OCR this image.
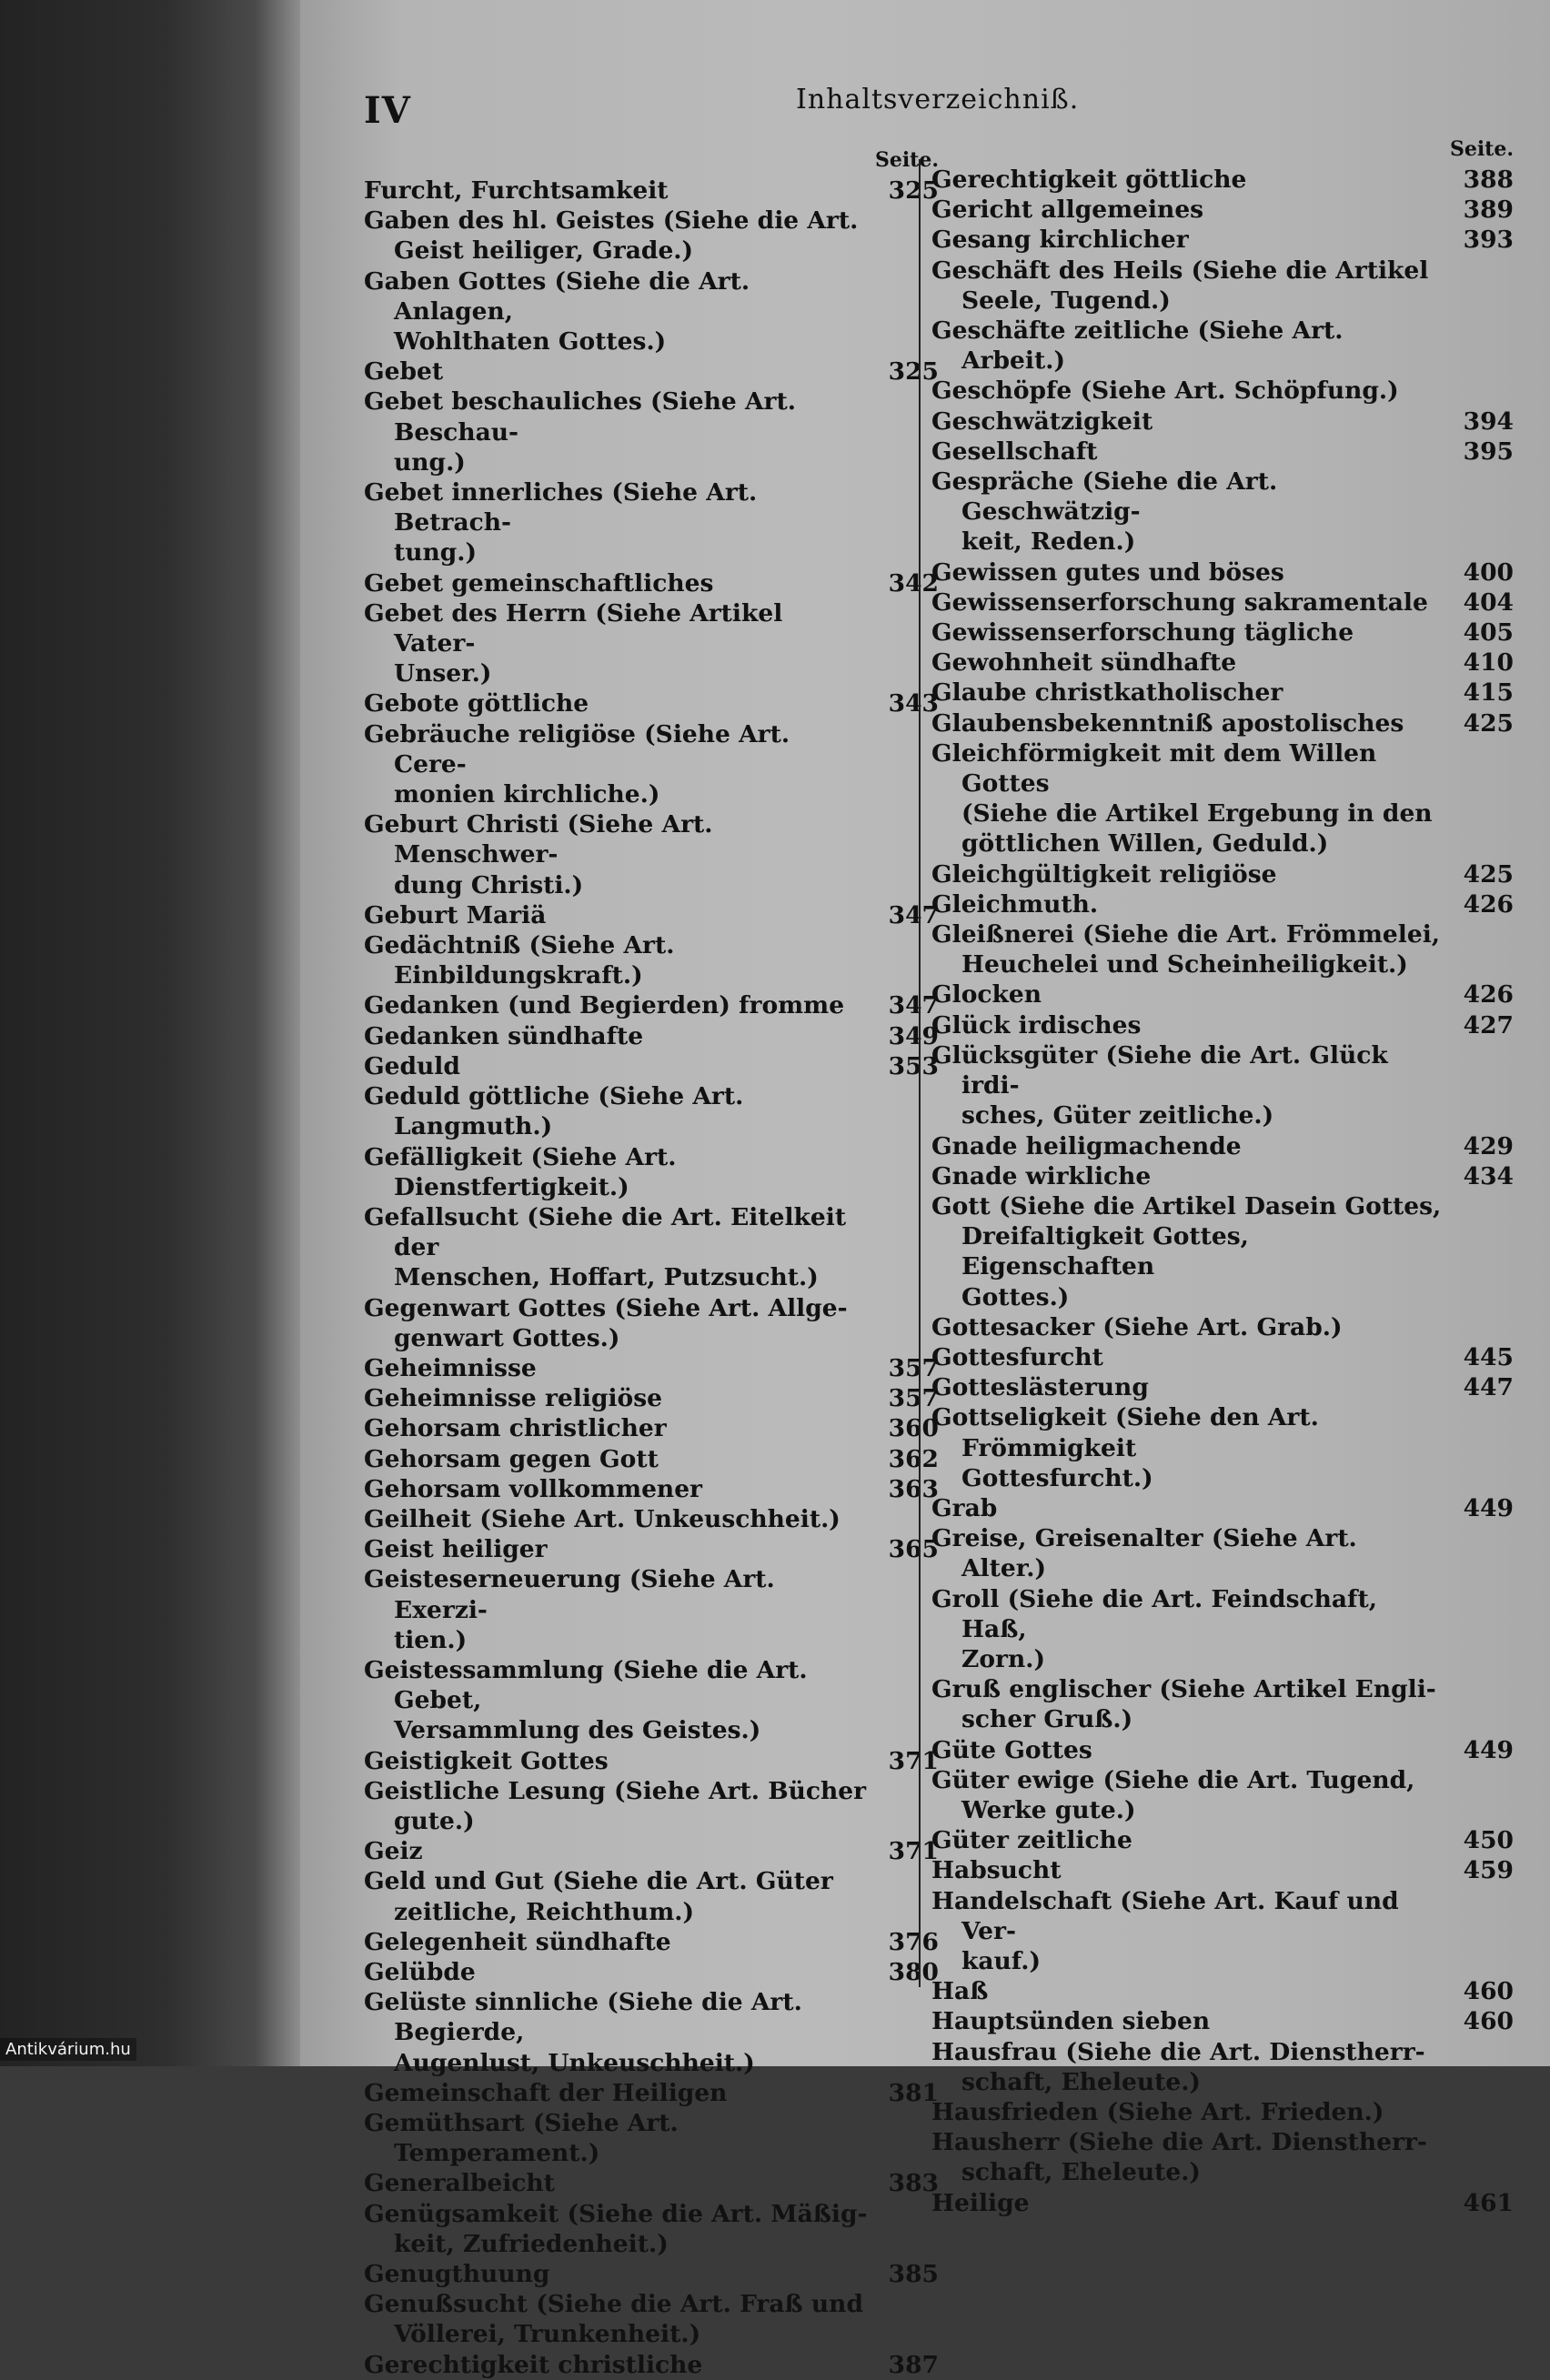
IV	Inhaltsverzeichniß.
Seite.
Furcht, Furchtsamkeit	325
Gaben des hl. Geistes (Siehe die Art.
Geist heiliger, Grade.)
Gaben Gottes (Siehe die Art. Anlagen,
Wohlthaten Gottes.)
Gebet	325
Gebet beschauliches (Siehe Art. Beschau-
ung.)
Gebet innerliches (Siehe Art. Betrach-
tung.)
Gebet gemeinschaftliches	342
Gebet des Herrn (Siehe Artikel Vater-
Unser.)
Gebote göttliche	343
Gebräuche religiöse (Siehe Art. Cere-
monien kirchliche.)
Geburt Christi (Siehe Art. Menschwer-
dung Christi.)
Geburt Mariä	347
Gedächtniß (Siehe Art. Einbildungskraft.)
Gedanken (und Begierden) fromme	347
Gedanken sündhafte	349
Geduld	353
Geduld göttliche (Siehe Art. Langmuth.)
Gefälligkeit (Siehe Art. Dienstfertigkeit.)
Gefallsucht (Siehe die Art. Eitelkeit der
Menschen, Hoffart, Putzsucht.)
Gegenwart Gottes (Siehe Art. Allge-
genwart Gottes.)
Geheimnisse	357
Geheimnisse religiöse	357
Gehorsam christlicher	360
Gehorsam gegen Gott	362
Gehorsam vollkommener	363
Geilheit (Siehe Art. Unkeuschheit.)
Geist heiliger	365
Geisteserneuerung (Siehe Art. Exerzi-
tien.)
Geistessammlung (Siehe die Art. Gebet,
Versammlung des Geistes.)
Geistigkeit Gottes	371
Geistliche Lesung (Siehe Art. Bücher
gute.)
Geiz	371
Geld und Gut (Siehe die Art. Güter
zeitliche, Reichthum.)
Gelegenheit sündhafte	376
Gelübde	380
Gelüste sinnliche (Siehe die Art. Begierde,
Augenlust, Unkeuschheit.)
Gemeinschaft der Heiligen	381
Gemüthsart (Siehe Art. Temperament.)
Generalbeicht	383
Genügsamkeit (Siehe die Art. Mäßig-
keit, Zufriedenheit.)
Genugthuung	385
Genußsucht (Siehe die Art. Fraß und
Völlerei, Trunkenheit.)
Gerechtigkeit christliche	387
Seite.
Gerechtigkeit göttliche	388
Gericht allgemeines	389
Gesang kirchlicher	393
Geschäft des Heils (Siehe die Artikel
Seele, Tugend.)
Geschäfte zeitliche (Siehe Art. Arbeit.)
Geschöpfe (Siehe Art. Schöpfung.)
Geschwätzigkeit	394
Gesellschaft	395
Gespräche (Siehe die Art. Geschwätzig-
keit, Reden.)
Gewissen gutes und böses	400
Gewissenserforschung sakramentale	404
Gewissenserforschung tägliche	405
Gewohnheit sündhafte	410
Glaube christkatholischer	415
Glaubensbekenntniß apostolisches	425
Gleichförmigkeit mit dem Willen Gottes
(Siehe die Artikel Ergebung in den
göttlichen Willen, Geduld.)
Gleichgültigkeit religiöse	425
Gleichmuth.	426
Gleißnerei (Siehe die Art. Frömmelei,
Heuchelei und Scheinheiligkeit.)
Glocken	426
Glück irdisches	427
Glücksgüter (Siehe die Art. Glück irdi-
sches, Güter zeitliche.)
Gnade heiligmachende	429
Gnade wirkliche	434
Gott (Siehe die Artikel Dasein Gottes,
Dreifaltigkeit Gottes, Eigenschaften
Gottes.)
Gottesacker (Siehe Art. Grab.)
Gottesfurcht	445
Gotteslästerung	447
Gottseligkeit (Siehe den Art. Frömmigkeit
Gottesfurcht.)
Grab	449
Greise, Greisenalter (Siehe Art. Alter.)
Groll (Siehe die Art. Feindschaft, Haß,
Zorn.)
Gruß englischer (Siehe Artikel Engli-
scher Gruß.)
Güte Gottes	449
Güter ewige (Siehe die Art. Tugend,
Werke gute.)
Güter zeitliche	450
Habsucht	459
Handelschaft (Siehe Art. Kauf und Ver-
kauf.)
Haß	460
Hauptsünden sieben	460
Hausfrau (Siehe die Art. Dienstherr-
schaft, Eheleute.)
Hausfrieden (Siehe Art. Frieden.)
Hausherr (Siehe die Art. Dienstherr-
schaft, Eheleute.)
Heilige	461
Antikvárium.hu
